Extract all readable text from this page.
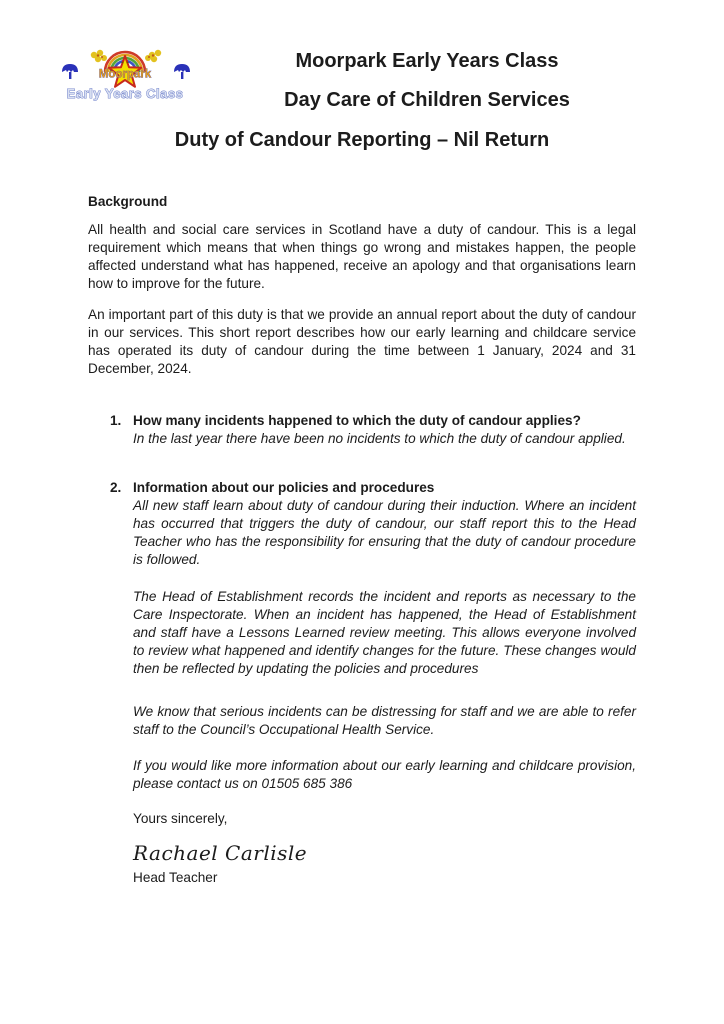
Moorpark
Early Years Class
Moorpark Early Years Class
Day Care of Children Services
Duty of Candour Reporting – Nil Return
Background

All health and social care services in Scotland have a duty of candour. This is a legal requirement which means that when things go wrong and mistakes happen, the people affected understand what has happened, receive an apology and that organisations learn how to improve for the future.

An important part of this duty is that we provide an annual report about the duty of candour in our services. This short report describes how our early learning and childcare service has operated its duty of candour during the time between 1 January, 2024 and 31 December, 2024.

1. How many incidents happened to which the duty of candour applies?

In the last year there have been no incidents to which the duty of candour applied.

2. Information about our policies and procedures

All new staff learn about duty of candour during their induction. Where an incident has occurred that triggers the duty of candour, our staff report this to the Head Teacher who has the responsibility for ensuring that the duty of candour procedure is followed.

The Head of Establishment records the incident and reports as necessary to the Care Inspectorate. When an incident has happened, the Head of Establishment and staff have a Lessons Learned review meeting. This allows everyone involved to review what happened and identify changes for the future. These changes would then be reflected by updating the policies and procedures

We know that serious incidents can be distressing for staff and we are able to refer staff to the Council’s Occupational Health Service.

If you would like more information about our early learning and childcare provision, please contact us on 01505 685 386

Yours sincerely,

Rachael Carlisle

Head Teacher
